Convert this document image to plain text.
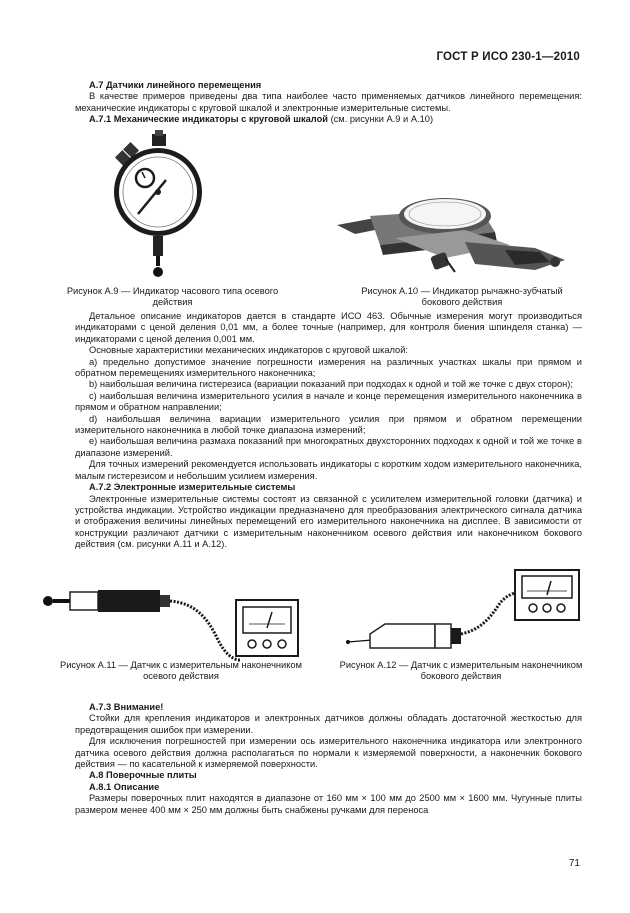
ГОСТ Р ИСО 230-1—2010

А.7 Датчики линейного перемещения

В качестве примеров приведены два типа наиболее часто применяемых датчиков линейного перемещения: механические индикаторы с круговой шкалой и электронные измерительные системы.

А.7.1 Механические индикаторы с круговой шкалой (см. рисунки А.9 и А.10)

Рисунок А.9 — Индикатор часового типа осевого действия
Рисунок А.10 — Индикатор рычажно-зубчатый бокового действия

Детальное описание индикаторов дается в стандарте ИСО 463. Обычные измерения могут производиться индикаторами с ценой деления 0,01 мм, а более точные (например, для контроля биения шпинделя станка) — индикаторами с ценой деления 0,001 мм.

Основные характеристики механических индикаторов с круговой шкалой:

а) предельно допустимое значение погрешности измерения на различных участках шкалы при прямом и обратном перемещениях измерительного наконечника;

b) наибольшая величина гистерезиса (вариации показаний при подходах к одной и той же точке с двух сторон);

с) наибольшая величина измерительного усилия в начале и конце перемещения измерительного наконечника в прямом и обратном направлении;

d) наибольшая величина вариации измерительного усилия при прямом и обратном перемещении измерительного наконечника в любой точке диапазона измерений;

е) наибольшая величина размаха показаний при многократных двухсторонних подходах к одной и той же точке в диапазоне измерений.

Для точных измерений рекомендуется использовать индикаторы с коротким ходом измерительного наконечника, малым гистерезисом и небольшим усилием измерения.

А.7.2 Электронные измерительные системы

Электронные измерительные системы состоят из связанной с усилителем измерительной головки (датчика) и устройства индикации. Устройство индикации предназначено для преобразования электрического сигнала датчика и отображения величины линейных перемещений его измерительного наконечника на дисплее. В зависимости от конструкции различают датчики с измерительным наконечником осевого действия или наконечником бокового действия (см. рисунки А.11 и А.12).

Рисунок А.11 — Датчик с измерительным наконечником осевого действия
Рисунок А.12 — Датчик с измерительным наконечником бокового действия

А.7.3 Внимание!

Стойки для крепления индикаторов и электронных датчиков должны обладать достаточной жесткостью для предотвращения ошибок при измерении.

Для исключения погрешностей при измерении ось измерительного наконечника индикатора или электронного датчика осевого действия должна располагаться по нормали к измеряемой поверхности, а наконечник бокового действия — по касательной к измеряемой поверхности.

А.8 Поверочные плиты

А.8.1 Описание

Размеры поверочных плит находятся в диапазоне от 160 мм × 100 мм до 2500 мм × 1600 мм. Чугунные плиты размером менее 400 мм × 250 мм должны быть снабжены ручками для переноса

71
